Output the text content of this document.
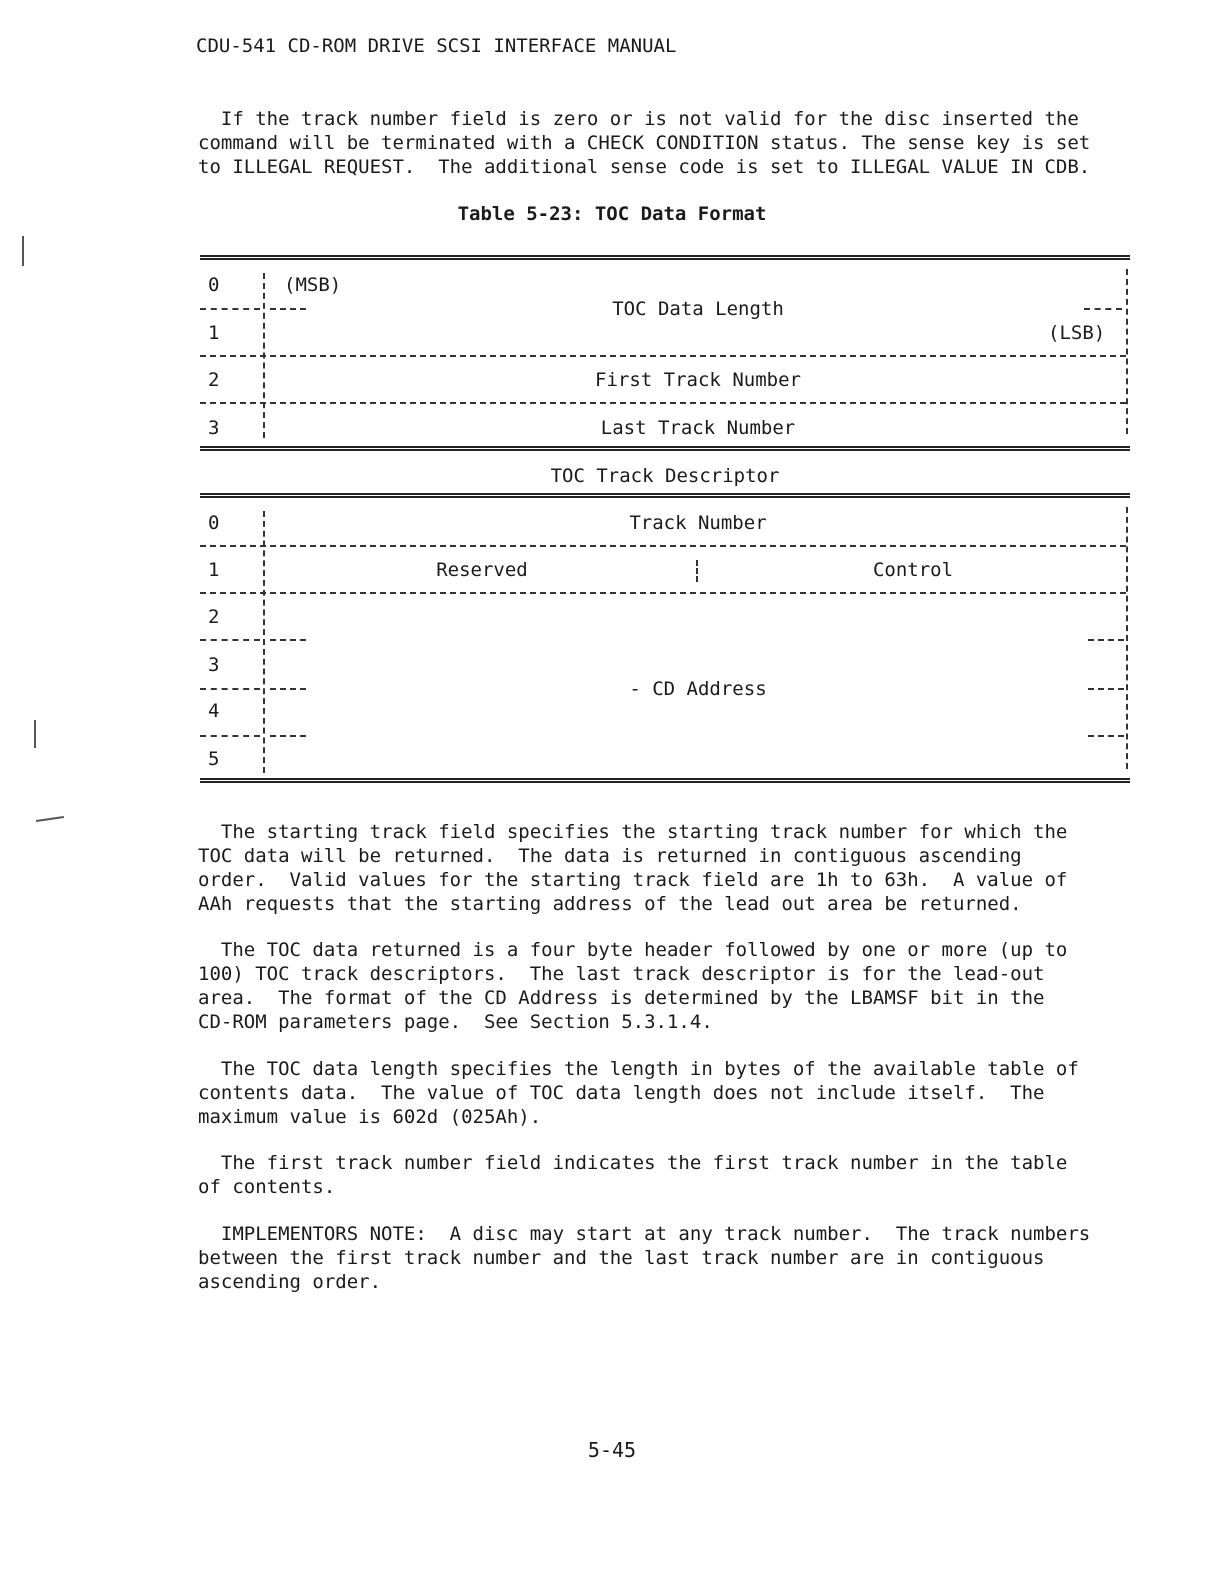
CDU-541 CD-ROM DRIVE SCSI INTERFACE MANUAL
If the track number field is zero or is not valid for the disc inserted the
command will be terminated with a CHECK CONDITION status. The sense key is set
to ILLEGAL REQUEST.  The additional sense code is set to ILLEGAL VALUE IN CDB.
Table 5-23: TOC Data Format
0	(MSB)
TOC Data Length
1	(LSB)
2	First Track Number
3	Last Track Number
TOC Track Descriptor
0	Track Number
1	Reserved	Control
2
3
- CD Address
4
5
The starting track field specifies the starting track number for which the
TOC data will be returned.  The data is returned in contiguous ascending
order.  Valid values for the starting track field are 1h to 63h.  A value of
AAh requests that the starting address of the lead out area be returned.
The TOC data returned is a four byte header followed by one or more (up to
100) TOC track descriptors.  The last track descriptor is for the lead-out
area.  The format of the CD Address is determined by the LBAMSF bit in the
CD-ROM parameters page.  See Section 5.3.1.4.
The TOC data length specifies the length in bytes of the available table of
contents data.  The value of TOC data length does not include itself.  The
maximum value is 602d (025Ah).
The first track number field indicates the first track number in the table
of contents.
IMPLEMENTORS NOTE:  A disc may start at any track number.  The track numbers
between the first track number and the last track number are in contiguous
ascending order.
5-45
